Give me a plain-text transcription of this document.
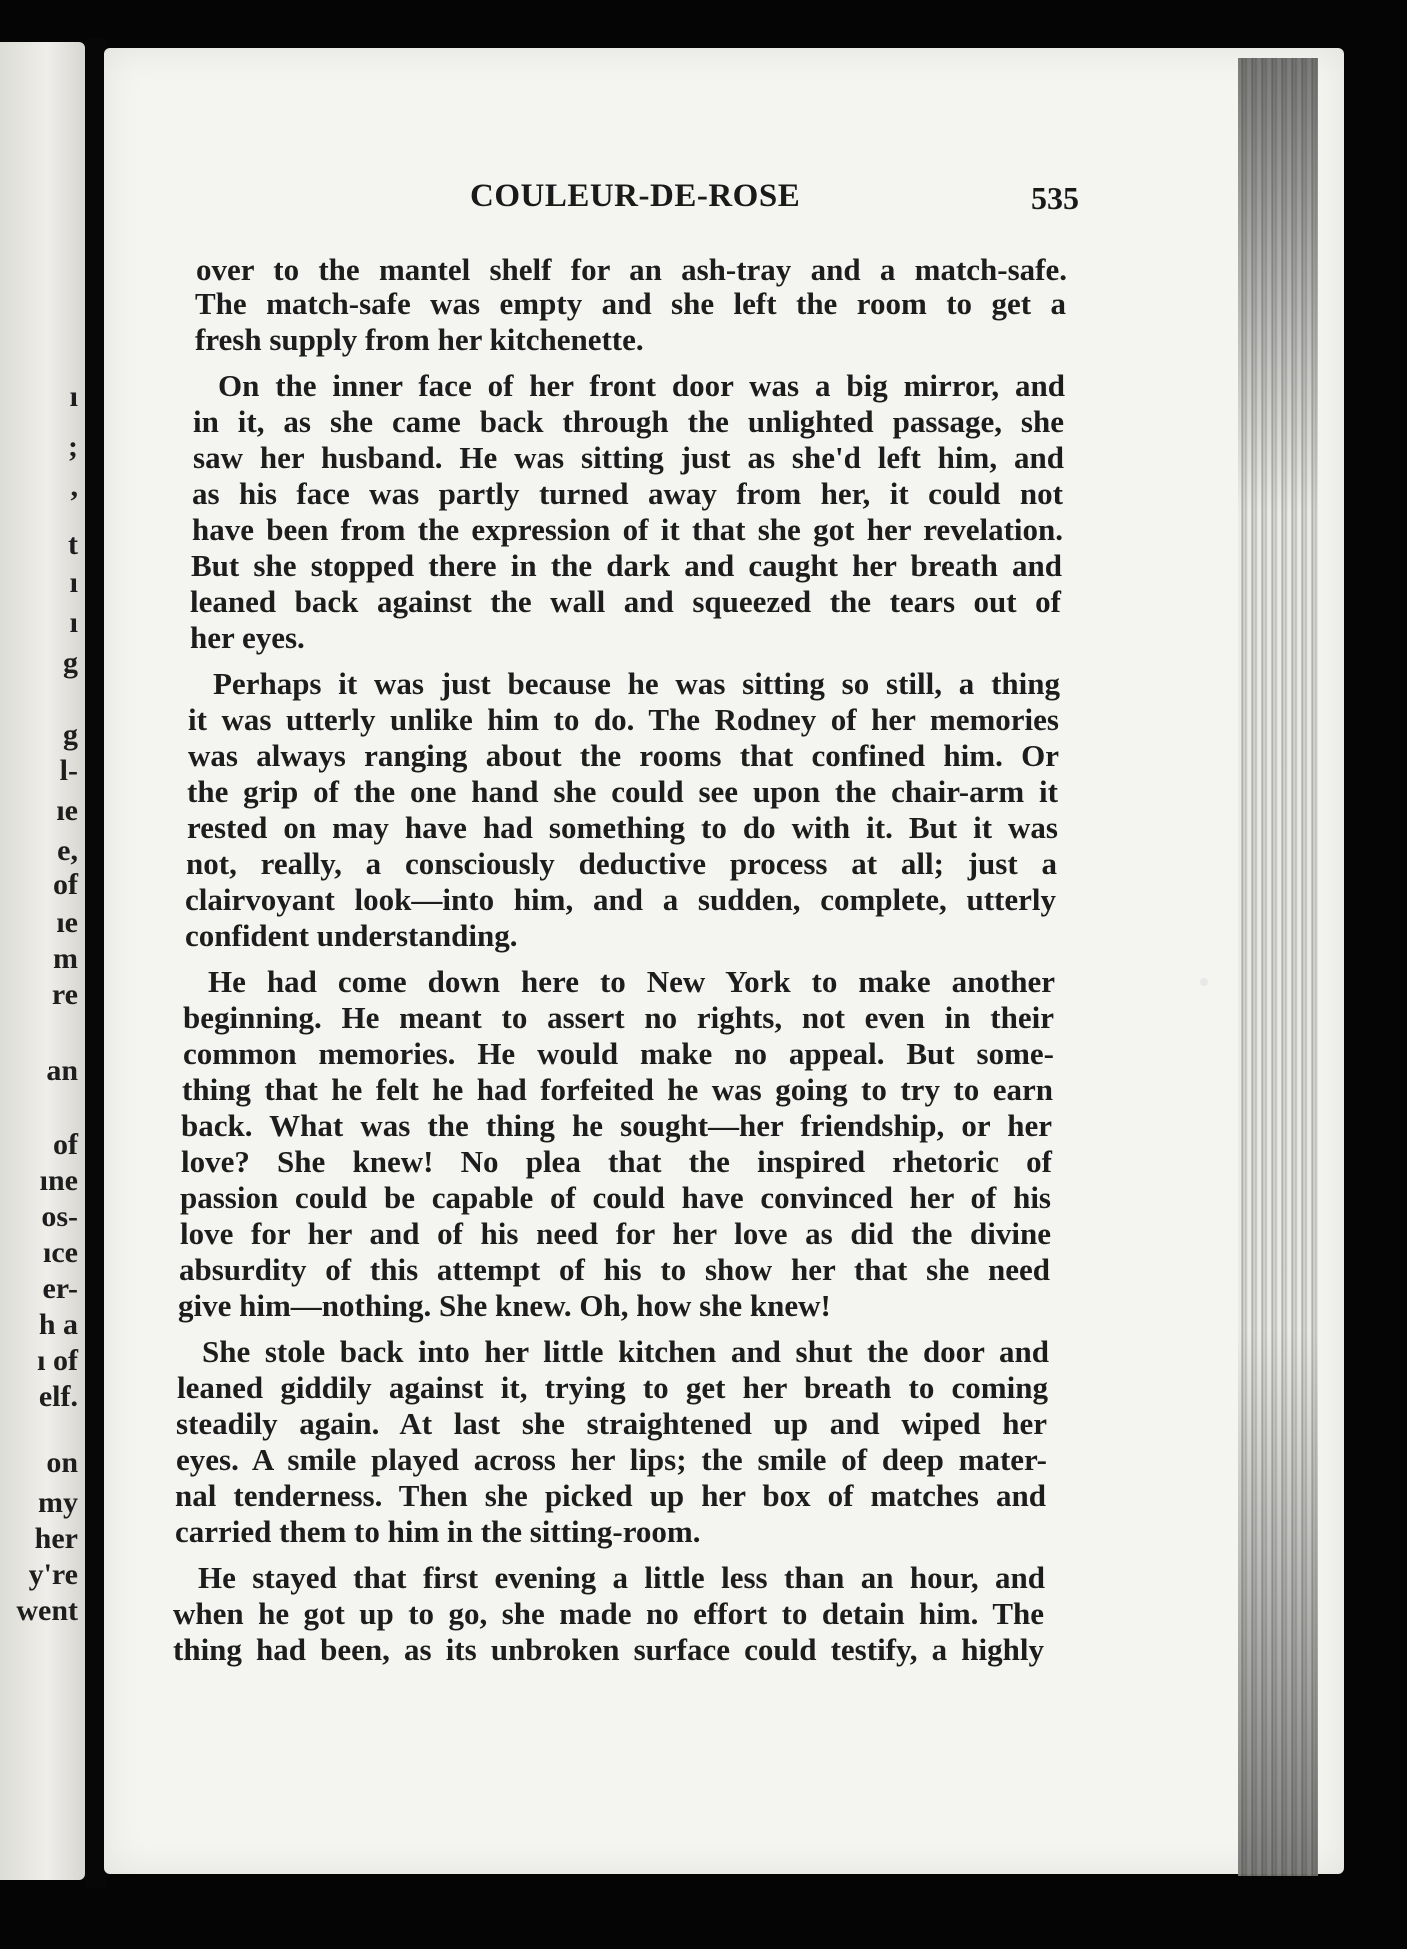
COULEUR-DE-ROSE	535
ı
;
,
t
ı
ı
g
g
l-
ıe
e,
of
ıe
m
re
an
of
ıne
os-
ıce
er-
h a
ı of
elf.
on
my
her
y're
went
over to the mantel shelf for an ash-tray and a match-safe.
The match-safe was empty and she left the room to get a
fresh supply from her kitchenette.
On the inner face of her front door was a big mirror, and
in it, as she came back through the unlighted passage, she
saw her husband. He was sitting just as she'd left him, and
as his face was partly turned away from her, it could not
have been from the expression of it that she got her revelation.
But she stopped there in the dark and caught her breath and
leaned back against the wall and squeezed the tears out of
her eyes.
Perhaps it was just because he was sitting so still, a thing
it was utterly unlike him to do. The Rodney of her memories
was always ranging about the rooms that confined him. Or
the grip of the one hand she could see upon the chair-arm it
rested on may have had something to do with it. But it was
not, really, a consciously deductive process at all; just a
clairvoyant look—into him, and a sudden, complete, utterly
confident understanding.
He had come down here to New York to make another
beginning. He meant to assert no rights, not even in their
common memories. He would make no appeal. But some-
thing that he felt he had forfeited he was going to try to earn
back. What was the thing he sought—her friendship, or her
love? She knew! No plea that the inspired rhetoric of
passion could be capable of could have convinced her of his
love for her and of his need for her love as did the divine
absurdity of this attempt of his to show her that she need
give him—nothing. She knew. Oh, how she knew!
She stole back into her little kitchen and shut the door and
leaned giddily against it, trying to get her breath to coming
steadily again. At last she straightened up and wiped her
eyes. A smile played across her lips; the smile of deep mater-
nal tenderness. Then she picked up her box of matches and
carried them to him in the sitting-room.
He stayed that first evening a little less than an hour, and
when he got up to go, she made no effort to detain him. The
thing had been, as its unbroken surface could testify, a highly
